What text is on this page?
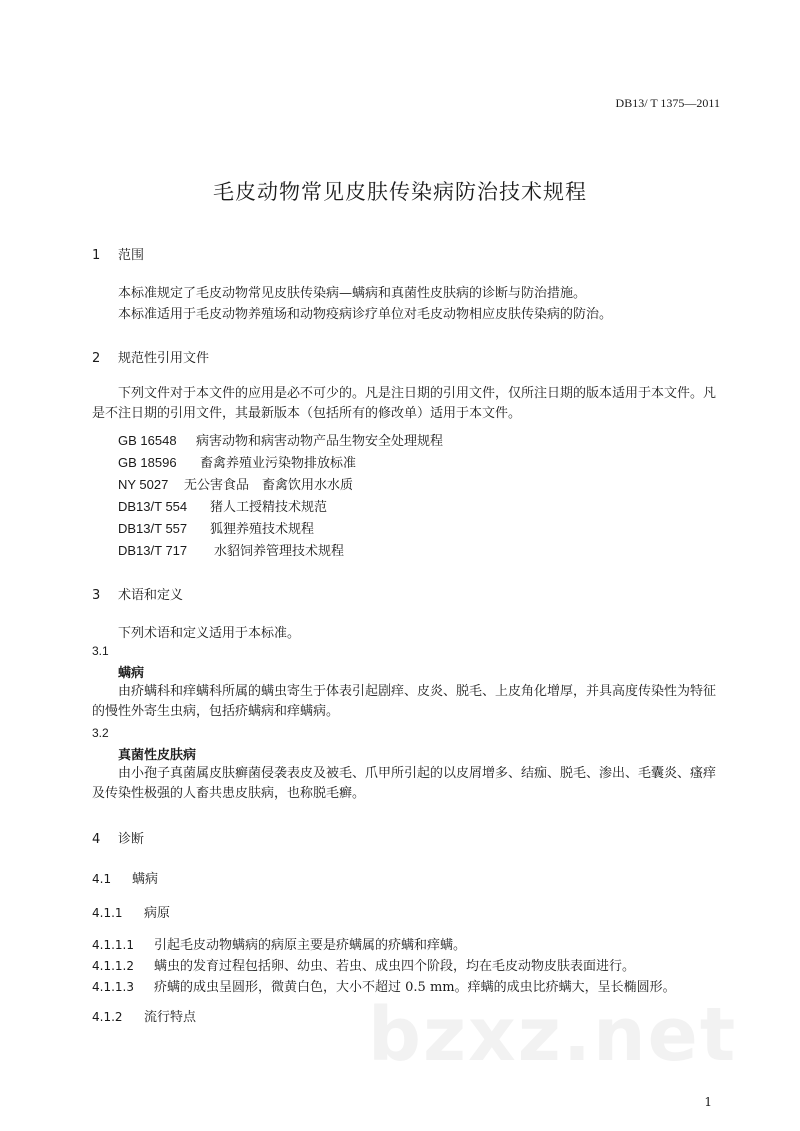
DB13/ T 1375—2011
毛皮动物常见皮肤传染病防治技术规程
1 范围
本标准规定了毛皮动物常见皮肤传染病—螨病和真菌性皮肤病的诊断与防治措施。
本标准适用于毛皮动物养殖场和动物疫病诊疗单位对毛皮动物相应皮肤传染病的防治。
2 规范性引用文件
下列文件对于本文件的应用是必不可少的。凡是注日期的引用文件，仅所注日期的版本适用于本文件。凡是不注日期的引用文件，其最新版本（包括所有的修改单）适用于本文件。
GB 16548 病害动物和病害动物产品生物安全处理规程
GB 18596 畜禽养殖业污染物排放标准
NY 5027 无公害食品　畜禽饮用水水质
DB13/T 554 猪人工授精技术规范
DB13/T 557 狐狸养殖技术规程
DB13/T 717 水貂饲养管理技术规程
3 术语和定义
下列术语和定义适用于本标准。
3.1
螨病
由疥螨科和痒螨科所属的螨虫寄生于体表引起剧痒、皮炎、脱毛、上皮角化增厚，并具高度传染性为特征的慢性外寄生虫病，包括疥螨病和痒螨病。
3.2
真菌性皮肤病
由小孢子真菌属皮肤癣菌侵袭表皮及被毛、爪甲所引起的以皮屑增多、结痂、脱毛、渗出、毛囊炎、瘙痒及传染性极强的人畜共患皮肤病，也称脱毛癣。
4 诊断
4.1 螨病
4.1.1 病原
4.1.1.1 引起毛皮动物螨病的病原主要是疥螨属的疥螨和痒螨。
4.1.1.2 螨虫的发育过程包括卵、幼虫、若虫、成虫四个阶段，均在毛皮动物皮肤表面进行。
4.1.1.3 疥螨的成虫呈圆形，微黄白色，大小不超过 0.5 mm。痒螨的成虫比疥螨大，呈长椭圆形。
4.1.2 流行特点 bzxz.net
1
